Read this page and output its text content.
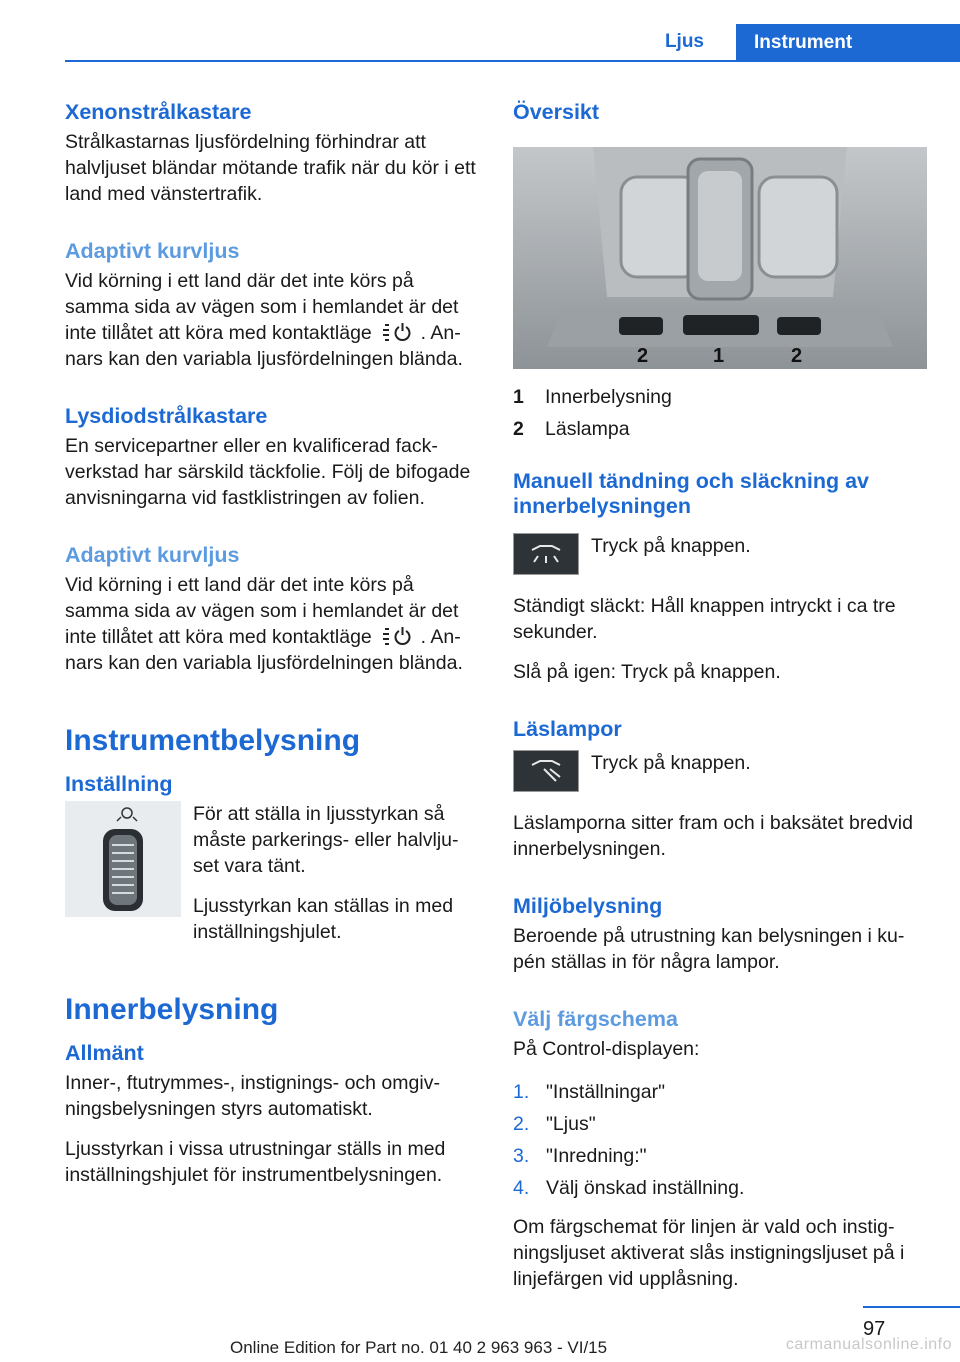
Ljus	Instrument
Xenonstrålkastare

Strålkastarnas ljusfördelning förhindrar att halvljuset bländar mötande trafik när du kör i ett land med vänstertrafik.

Adaptivt kurvljus

Vid körning i ett land där det inte körs på samma sida av vägen som i hemlandet är det inte tillåtet att köra med kontaktläge	. Annars kan den variabla ljusfördelningen blända.

Lysdiodstrålkastare

En servicepartner eller en kvalificerad fackverkstad har särskild täckfolie. Följ de bifogade anvisningarna vid fastklistringen av folien.

Adaptivt kurvljus

Vid körning i ett land där det inte körs på samma sida av vägen som i hemlandet är det inte tillåtet att köra med kontaktläge	. Annars kan den variabla ljusfördelningen blända.

Instrumentbelysning
Inställning

För att ställa in ljusstyrkan så måste parkerings- eller halvljuset vara tänt.

Ljusstyrkan kan ställas in med inställningshjulet.

Innerbelysning
Allmänt

Inner-, ftutrymmes-, instignings- och omgivningsbelysningen styrs automatiskt.

Ljusstyrkan i vissa utrustningar ställs in med inställningshjulet för instrumentbelysningen.

Översikt
2	1	2
1	Innerbelysning
2	Läslampa
Manuell tändning och släckning av innerbelysningen
Tryck på knappen.

Ständigt släckt: Håll knappen intryckt i ca tre sekunder.

Slå på igen: Tryck på knappen.

Läslampor
Tryck på knappen.

Läslamporna sitter fram och i baksätet bredvid innerbelysningen.

Miljöbelysning

Beroende på utrustning kan belysningen i kupén ställas in för några lampor.

Välj färgschema

På Control-displayen:

1. "Inställningar"
2. "Ljus"
3. "Inredning:"
4. Välj önskad inställning.

Om färgschemat för linjen är vald och instigningsljuset aktiverat slås instigningsljuset på i linjefärgen vid upplåsning.

97
Online Edition for Part no. 01 40 2 963 963 - VI/15	carmanualsonline.info
